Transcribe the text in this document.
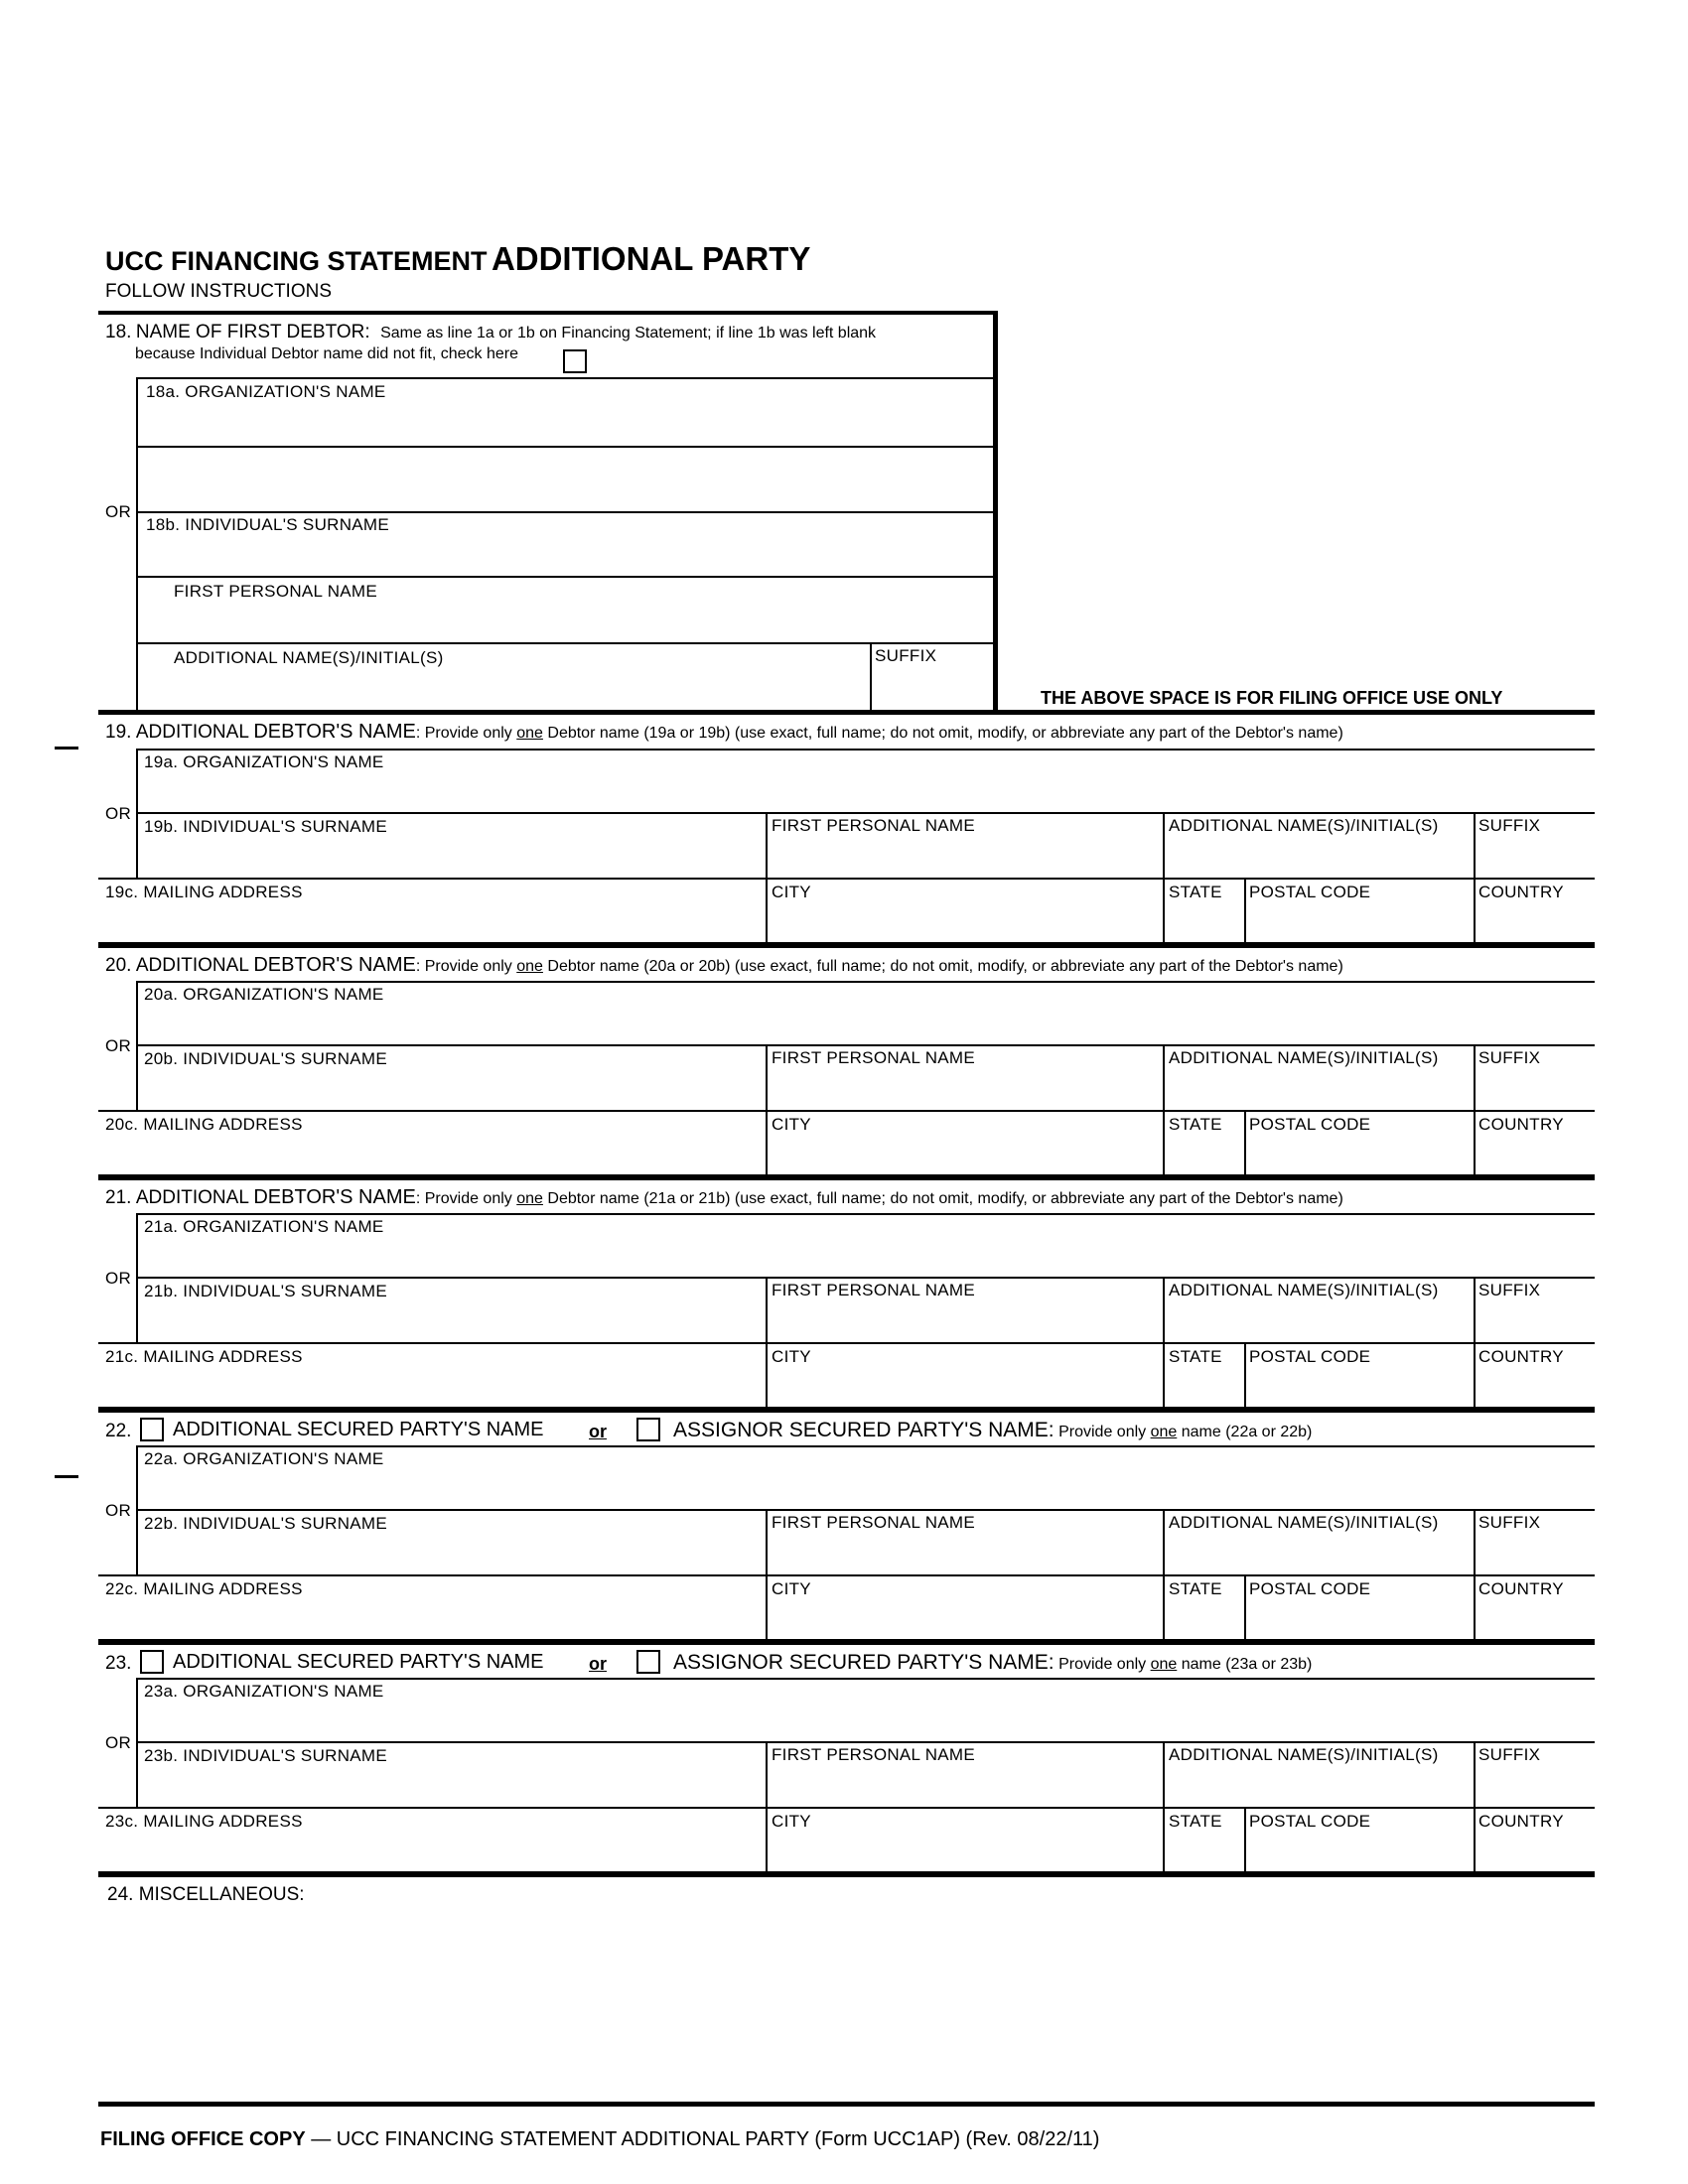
UCC FINANCING STATEMENT ADDITIONAL PARTY
FOLLOW INSTRUCTIONS
18. NAME OF FIRST DEBTOR: Same as line 1a or 1b on Financing Statement; if line 1b was left blank
because Individual Debtor name did not fit, check here
18a. ORGANIZATION'S NAME
OR
18b. INDIVIDUAL'S SURNAME
FIRST PERSONAL NAME
ADDITIONAL NAME(S)/INITIAL(S)	SUFFIX
THE ABOVE SPACE IS FOR FILING OFFICE USE ONLY
19. ADDITIONAL DEBTOR'S NAME: Provide only one Debtor name (19a or 19b) (use exact, full name; do not omit, modify, or abbreviate any part of the Debtor's name)
19a. ORGANIZATION'S NAME
OR
19b. INDIVIDUAL'S SURNAME	FIRST PERSONAL NAME	ADDITIONAL NAME(S)/INITIAL(S) SUFFIX
19c. MAILING ADDRESS	CITY	STATE POSTAL CODE	COUNTRY
20. ADDITIONAL DEBTOR'S NAME: Provide only one Debtor name (20a or 20b) (use exact, full name; do not omit, modify, or abbreviate any part of the Debtor's name)
20a. ORGANIZATION'S NAME
OR
20b. INDIVIDUAL'S SURNAME	FIRST PERSONAL NAME	ADDITIONAL NAME(S)/INITIAL(S) SUFFIX
20c. MAILING ADDRESS	CITY	STATE POSTAL CODE	COUNTRY
21. ADDITIONAL DEBTOR'S NAME: Provide only one Debtor name (21a or 21b) (use exact, full name; do not omit, modify, or abbreviate any part of the Debtor's name)
21a. ORGANIZATION'S NAME
OR
21b. INDIVIDUAL'S SURNAME	FIRST PERSONAL NAME	ADDITIONAL NAME(S)/INITIAL(S) SUFFIX
21c. MAILING ADDRESS	CITY	STATE POSTAL CODE	COUNTRY
22. ADDITIONAL SECURED PARTY'S NAME	or	ASSIGNOR SECURED PARTY'S NAME: Provide only one name (22a or 22b)
22a. ORGANIZATION'S NAME
OR
22b. INDIVIDUAL'S SURNAME	FIRST PERSONAL NAME	ADDITIONAL NAME(S)/INITIAL(S) SUFFIX
22c. MAILING ADDRESS	CITY	STATE POSTAL CODE	COUNTRY
23. ADDITIONAL SECURED PARTY'S NAME	or	ASSIGNOR SECURED PARTY'S NAME: Provide only one name (23a or 23b)
23a. ORGANIZATION'S NAME
OR
23b. INDIVIDUAL'S SURNAME	FIRST PERSONAL NAME	ADDITIONAL NAME(S)/INITIAL(S) SUFFIX
23c. MAILING ADDRESS	CITY	STATE POSTAL CODE	COUNTRY
24. MISCELLANEOUS:
FILING OFFICE COPY — UCC FINANCING STATEMENT ADDITIONAL PARTY (Form UCC1AP) (Rev. 08/22/11)
